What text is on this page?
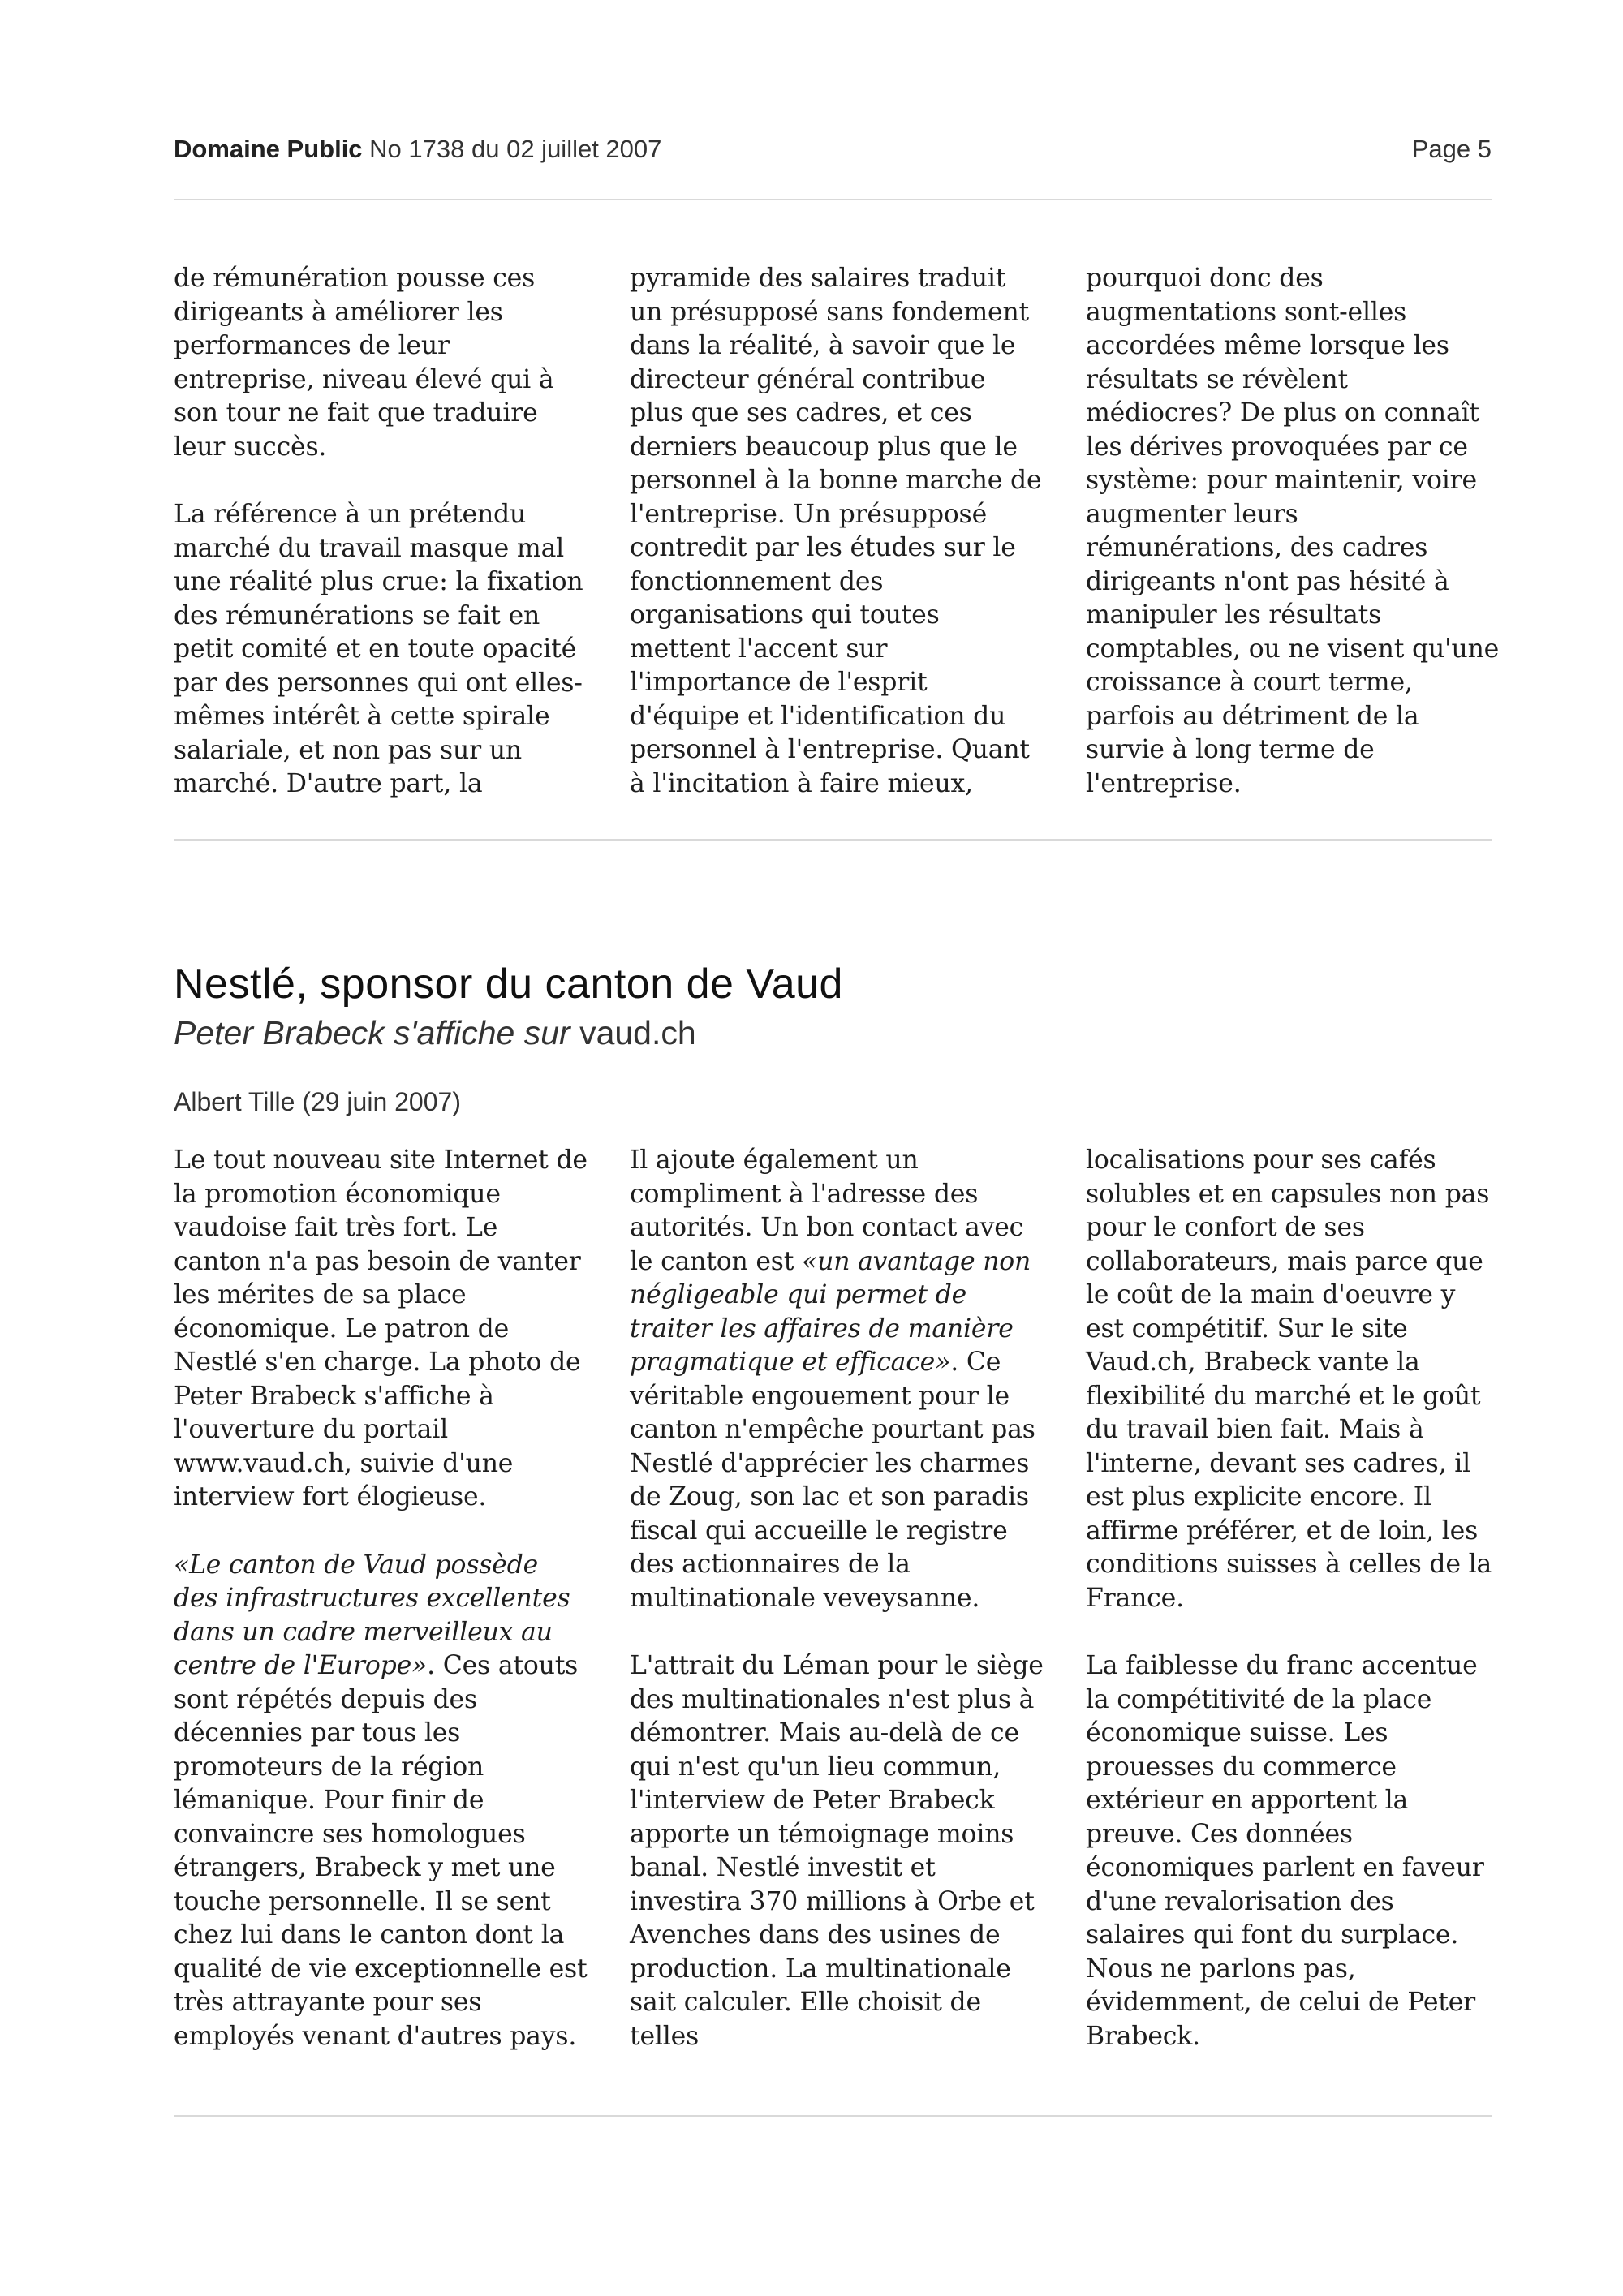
Domaine Public No 1738 du 02 juillet 2007	Page 5

de rémunération pousse ces dirigeants à améliorer les performances de leur entreprise, niveau élevé qui à son tour ne fait que traduire leur succès.

La référence à un prétendu marché du travail masque mal une réalité plus crue: la fixation des rémunérations se fait en petit comité et en toute opacité par des personnes qui ont elles-mêmes intérêt à cette spirale salariale, et non pas sur un marché. D'autre part, la

pyramide des salaires traduit un présupposé sans fondement dans la réalité, à savoir que le directeur général contribue plus que ses cadres, et ces derniers beaucoup plus que le personnel à la bonne marche de l'entreprise. Un présupposé contredit par les études sur le fonctionnement des organisations qui toutes mettent l'accent sur l'importance de l'esprit d'équipe et l'identification du personnel à l'entreprise. Quant à l'incitation à faire mieux,

pourquoi donc des augmentations sont-elles accordées même lorsque les résultats se révèlent médiocres? De plus on connaît les dérives provoquées par ce système: pour maintenir, voire augmenter leurs rémunérations, des cadres dirigeants n'ont pas hésité à manipuler les résultats comptables, ou ne visent qu'une croissance à court terme, parfois au détriment de la survie à long terme de l'entreprise.

Nestlé, sponsor du canton de Vaud
Peter Brabeck s'affiche sur vaud.ch
Albert Tille (29 juin 2007)

Le tout nouveau site Internet de la promotion économique vaudoise fait très fort. Le canton n'a pas besoin de vanter les mérites de sa place économique. Le patron de Nestlé s'en charge. La photo de Peter Brabeck s'affiche à l'ouverture du portail www.vaud.ch, suivie d'une interview fort élogieuse.

«Le canton de Vaud possède des infrastructures excellentes dans un cadre merveilleux au centre de l'Europe». Ces atouts sont répétés depuis des décennies par tous les promoteurs de la région lémanique. Pour finir de convaincre ses homologues étrangers, Brabeck y met une touche personnelle. Il se sent chez lui dans le canton dont la qualité de vie exceptionnelle est très attrayante pour ses employés venant d'autres pays.

Il ajoute également un compliment à l'adresse des autorités. Un bon contact avec le canton est «un avantage non négligeable qui permet de traiter les affaires de manière pragmatique et efficace». Ce véritable engouement pour le canton n'empêche pourtant pas Nestlé d'apprécier les charmes de Zoug, son lac et son paradis fiscal qui accueille le registre des actionnaires de la multinationale veveysanne.

L'attrait du Léman pour le siège des multinationales n'est plus à démontrer. Mais au-delà de ce qui n'est qu'un lieu commun, l'interview de Peter Brabeck apporte un témoignage moins banal. Nestlé investit et investira 370 millions à Orbe et Avenches dans des usines de production. La multinationale sait calculer. Elle choisit de telles

localisations pour ses cafés solubles et en capsules non pas pour le confort de ses collaborateurs, mais parce que le coût de la main d'oeuvre y est compétitif. Sur le site Vaud.ch, Brabeck vante la flexibilité du marché et le goût du travail bien fait. Mais à l'interne, devant ses cadres, il est plus explicite encore. Il affirme préférer, et de loin, les conditions suisses à celles de la France.

La faiblesse du franc accentue la compétitivité de la place économique suisse. Les prouesses du commerce extérieur en apportent la preuve. Ces données économiques parlent en faveur d'une revalorisation des salaires qui font du surplace. Nous ne parlons pas, évidemment, de celui de Peter Brabeck.
